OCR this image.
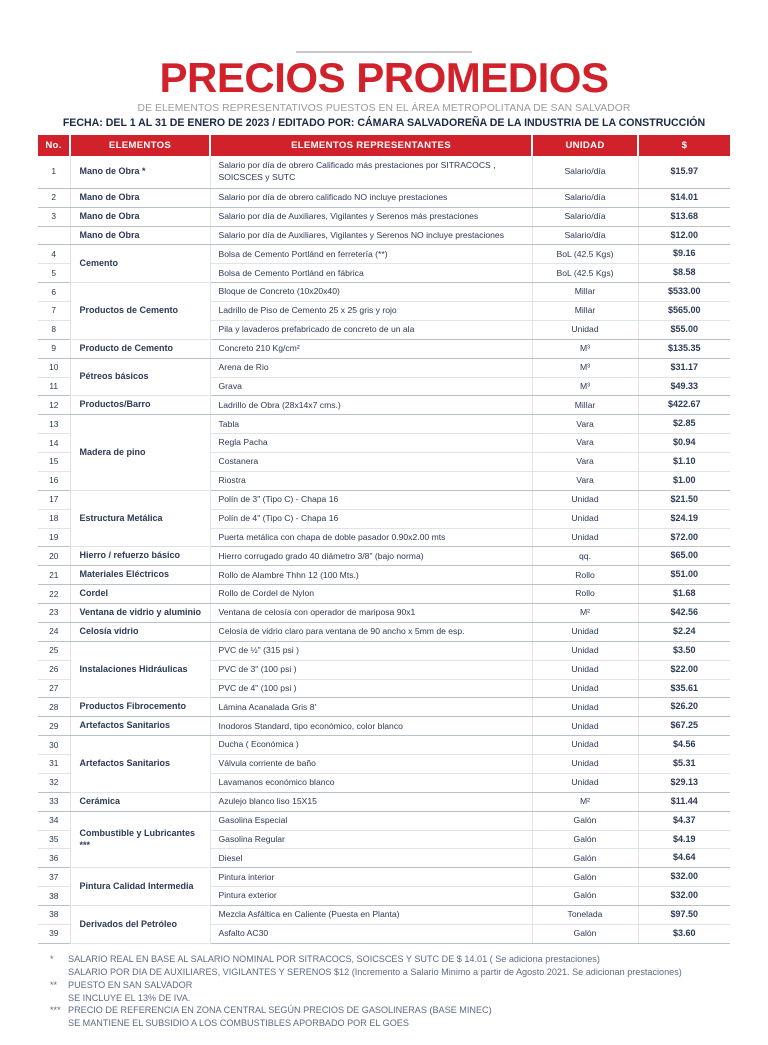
PRECIOS PROMEDIOS
DE ELEMENTOS REPRESENTATIVOS PUESTOS EN EL ÁREA METROPOLITANA DE SAN SALVADOR
FECHA: DEL 1 AL 31 DE ENERO DE 2023 / EDITADO POR: CÁMARA SALVADOREÑA DE LA INDUSTRIA DE LA CONSTRUCCIÓN
No.	ELEMENTOS	ELEMENTOS REPRESENTANTES	UNIDAD	$
1	Mano de Obra *	Salario por día de obrero Calificado más prestaciones por SITRACOCS , SOICSCES y SUTC	Salario/día	$15.97
2	Mano de Obra	Salario por día de obrero calificado NO incluye prestaciones	Salario/día	$14.01
3	Mano de Obra	Salario por día de Auxiliares, Vigilantes y Serenos más prestaciones	Salario/día	$13.68
	Mano de Obra	Salario por día de Auxiliares, Vigilantes y Serenos NO incluye prestaciones	Salario/día	$12.00
4	Cemento	Bolsa de Cemento Portlánd en ferretería (**)	BoL (42.5 Kgs)	$9.16
5		Bolsa de Cemento Portlánd en fábrica	BoL (42.5 Kgs)	$8.58
6	Productos de Cemento	Bloque de Concreto (10x20x40)	Millar	$533.00
7		Ladrillo de Piso de Cemento 25 x 25 gris y rojo	Millar	$565.00
8		Pila y lavaderos prefabricado de concreto de un ala	Unidad	$55.00
9	Producto de Cemento	Concreto 210 Kg/cm²	M³	$135.35
10	Pétreos básicos	Arena de Rio	M³	$31.17
11		Grava	M³	$49.33
12	Productos/Barro	Ladrillo de Obra (28x14x7 cms.)	Millar	$422.67
13	Madera de pino	Tabla	Vara	$2.85
14		Regla Pacha	Vara	$0.94
15		Costanera	Vara	$1.10
16		Riostra	Vara	$1.00
17	Estructura Metálica	Polín de 3" (Tipo C) - Chapa 16	Unidad	$21.50
18		Polín de 4" (Tipo C) - Chapa 16	Unidad	$24.19
19		Puerta metálica con chapa de doble pasador 0.90x2.00 mts	Unidad	$72.00
20	Hierro / refuerzo básico	Hierro corrugado grado 40 diámetro 3/8" (bajo norma)	qq.	$65.00
21	Materiales Eléctricos	Rollo de Alambre Thhn 12 (100 Mts.)	Rollo	$51.00
22	Cordel	Rollo de Cordel de Nylon	Rollo	$1.68
23	Ventana de vidrio y aluminio	Ventana de celosía con operador de mariposa 90x1	M²	$42.56
24	Celosía vidrio	Celosía de vidrio claro para ventana de 90 ancho x 5mm de esp.	Unidad	$2.24
25	Instalaciones Hidráulicas	PVC de ½" (315 psi )	Unidad	$3.50
26		PVC de 3" (100 psi )	Unidad	$22.00
27		PVC de 4" (100 psi )	Unidad	$35.61
28	Productos Fibrocemento	Lámina Acanalada Gris 8'	Unidad	$26.20
29	Artefactos Sanitarios	Inodoros Standard, tipo económico, color blanco	Unidad	$67.25
30	Artefactos Sanitarios	Ducha ( Económica )	Unidad	$4.56
31		Válvula corriente de baño	Unidad	$5.31
32		Lavamanos económico blanco	Unidad	$29.13
33	Cerámica	Azulejo blanco liso 15X15	M²	$11.44
34	Combustible y Lubricantes ***	Gasolina Especial	Galón	$4.37
35		Gasolina Regular	Galón	$4.19
36		Diesel	Galón	$4.64
37	Pintura Calidad Intermedia	Pintura interior	Galón	$32.00
38		Pintura exterior	Galón	$32.00
38	Derivados del Petróleo	Mezcla Asfáltica en Caliente (Puesta en Planta)	Tonelada	$97.50
39		Asfalto AC30	Galón	$3.60
*	SALARIO REAL EN BASE AL SALARIO NOMINAL POR SITRACOCS, SOICSCES Y SUTC DE $ 14.01 ( Se adiciona prestaciones)
SALARIO POR DIA DE AUXILIARES, VIGILANTES Y SERENOS $12 (Incremento a Salario Minimo a partir de Agosto 2021. Se adicionan prestaciones)
**	PUESTO EN SAN SALVADOR
SE INCLUYE EL 13% DE IVA.
*** PRECIO DE REFERENCIA EN ZONA CENTRAL SEGÚN PRECIOS DE GASOLINERAS (BASE MINEC)
SE MANTIENE EL SUBSIDIO A LOS COMBUSTIBLES APORBADO POR EL GOES
